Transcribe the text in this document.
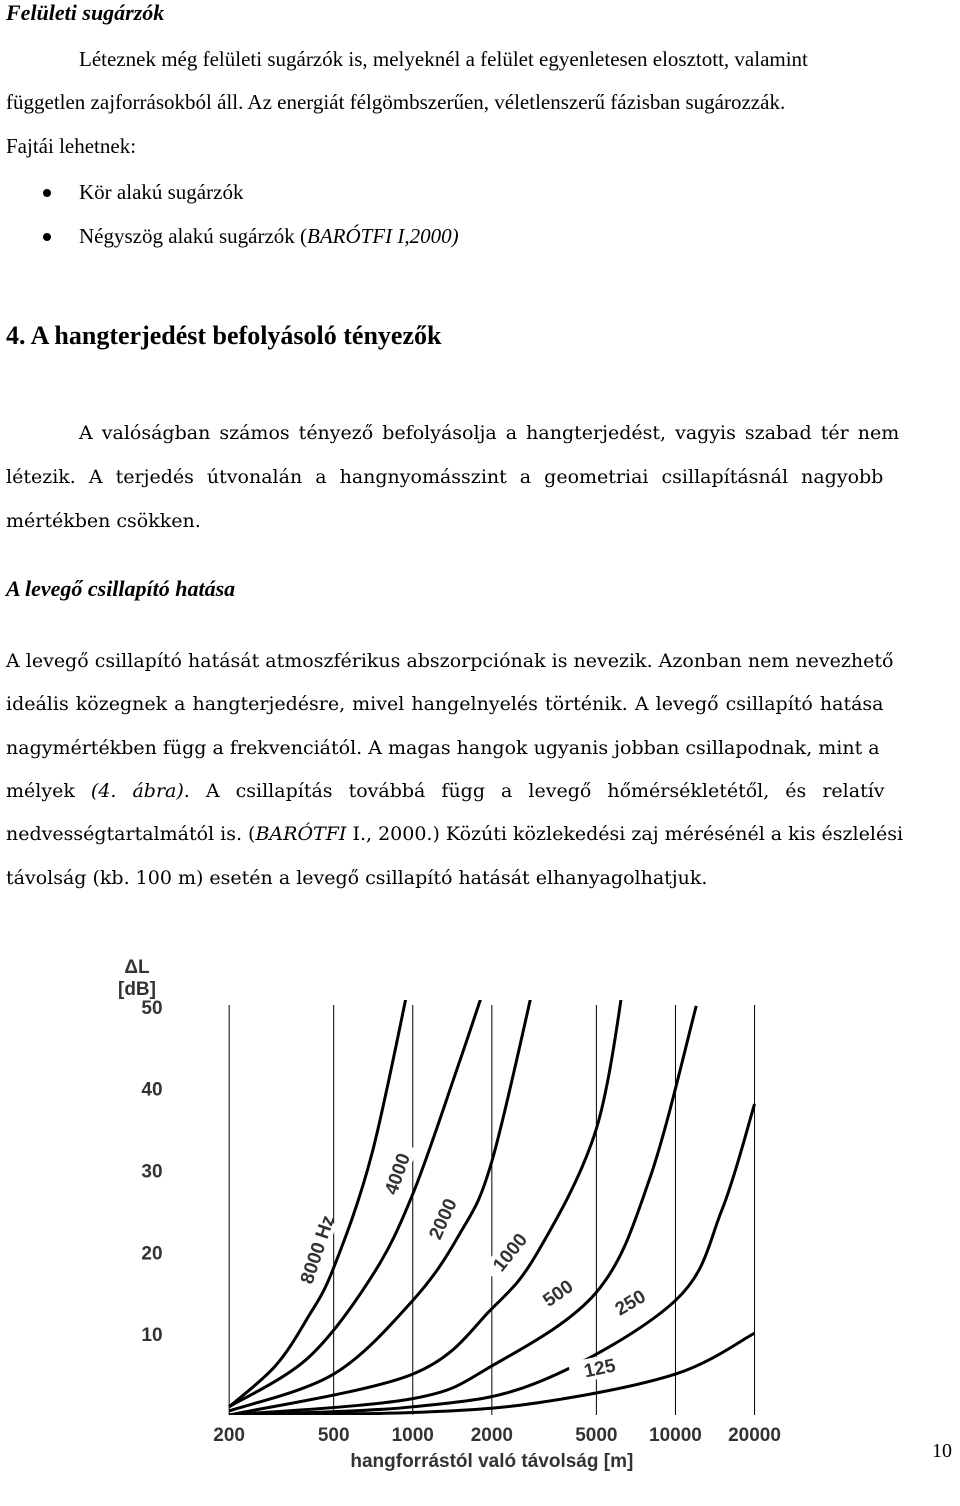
Felületi sugárzók
Léteznek még felületi sugárzók is, melyeknél a felület egyenletesen elosztott, valamint
független zajforrásokból áll. Az energiát félgömbszerűen, véletlenszerű fázisban sugározzák.
Fajtái lehetnek:
Kör alakú sugárzók
Négyszög alakú sugárzók (BARÓTFI I,2000)
4. A hangterjedést befolyásoló tényezők
A valóságban számos tényező befolyásolja a hangterjedést, vagyis szabad tér nem
létezik. A terjedés útvonalán a hangnyomásszint a geometriai csillapításnál nagyobb
mértékben csökken.
A levegő csillapító hatása
A levegő csillapító hatását atmoszférikus abszorpciónak is nevezik. Azonban nem nevezhető
ideális közegnek a hangterjedésre, mivel hangelnyelés történik. A levegő csillapító hatása
nagymértékben függ a frekvenciától. A magas hangok ugyanis jobban csillapodnak, mint a
mélyek (4. ábra). A csillapítás továbbá függ a levegő hőmérsékletétől, és relatív
nedvességtartalmától is. (BARÓTFI I., 2000.) Közúti közlekedési zaj mérésénél a kis észlelési
távolság (kb. 100 m) esetén a levegő csillapító hatását elhanyagolhatjuk.
8000 Hz
4000
2000
1000
500 250
125
10
20
30
40
50
ΔL
[dB]
200	500 1000 2000	5000 10000 20000
hangforrástól való távolság [m]	10
